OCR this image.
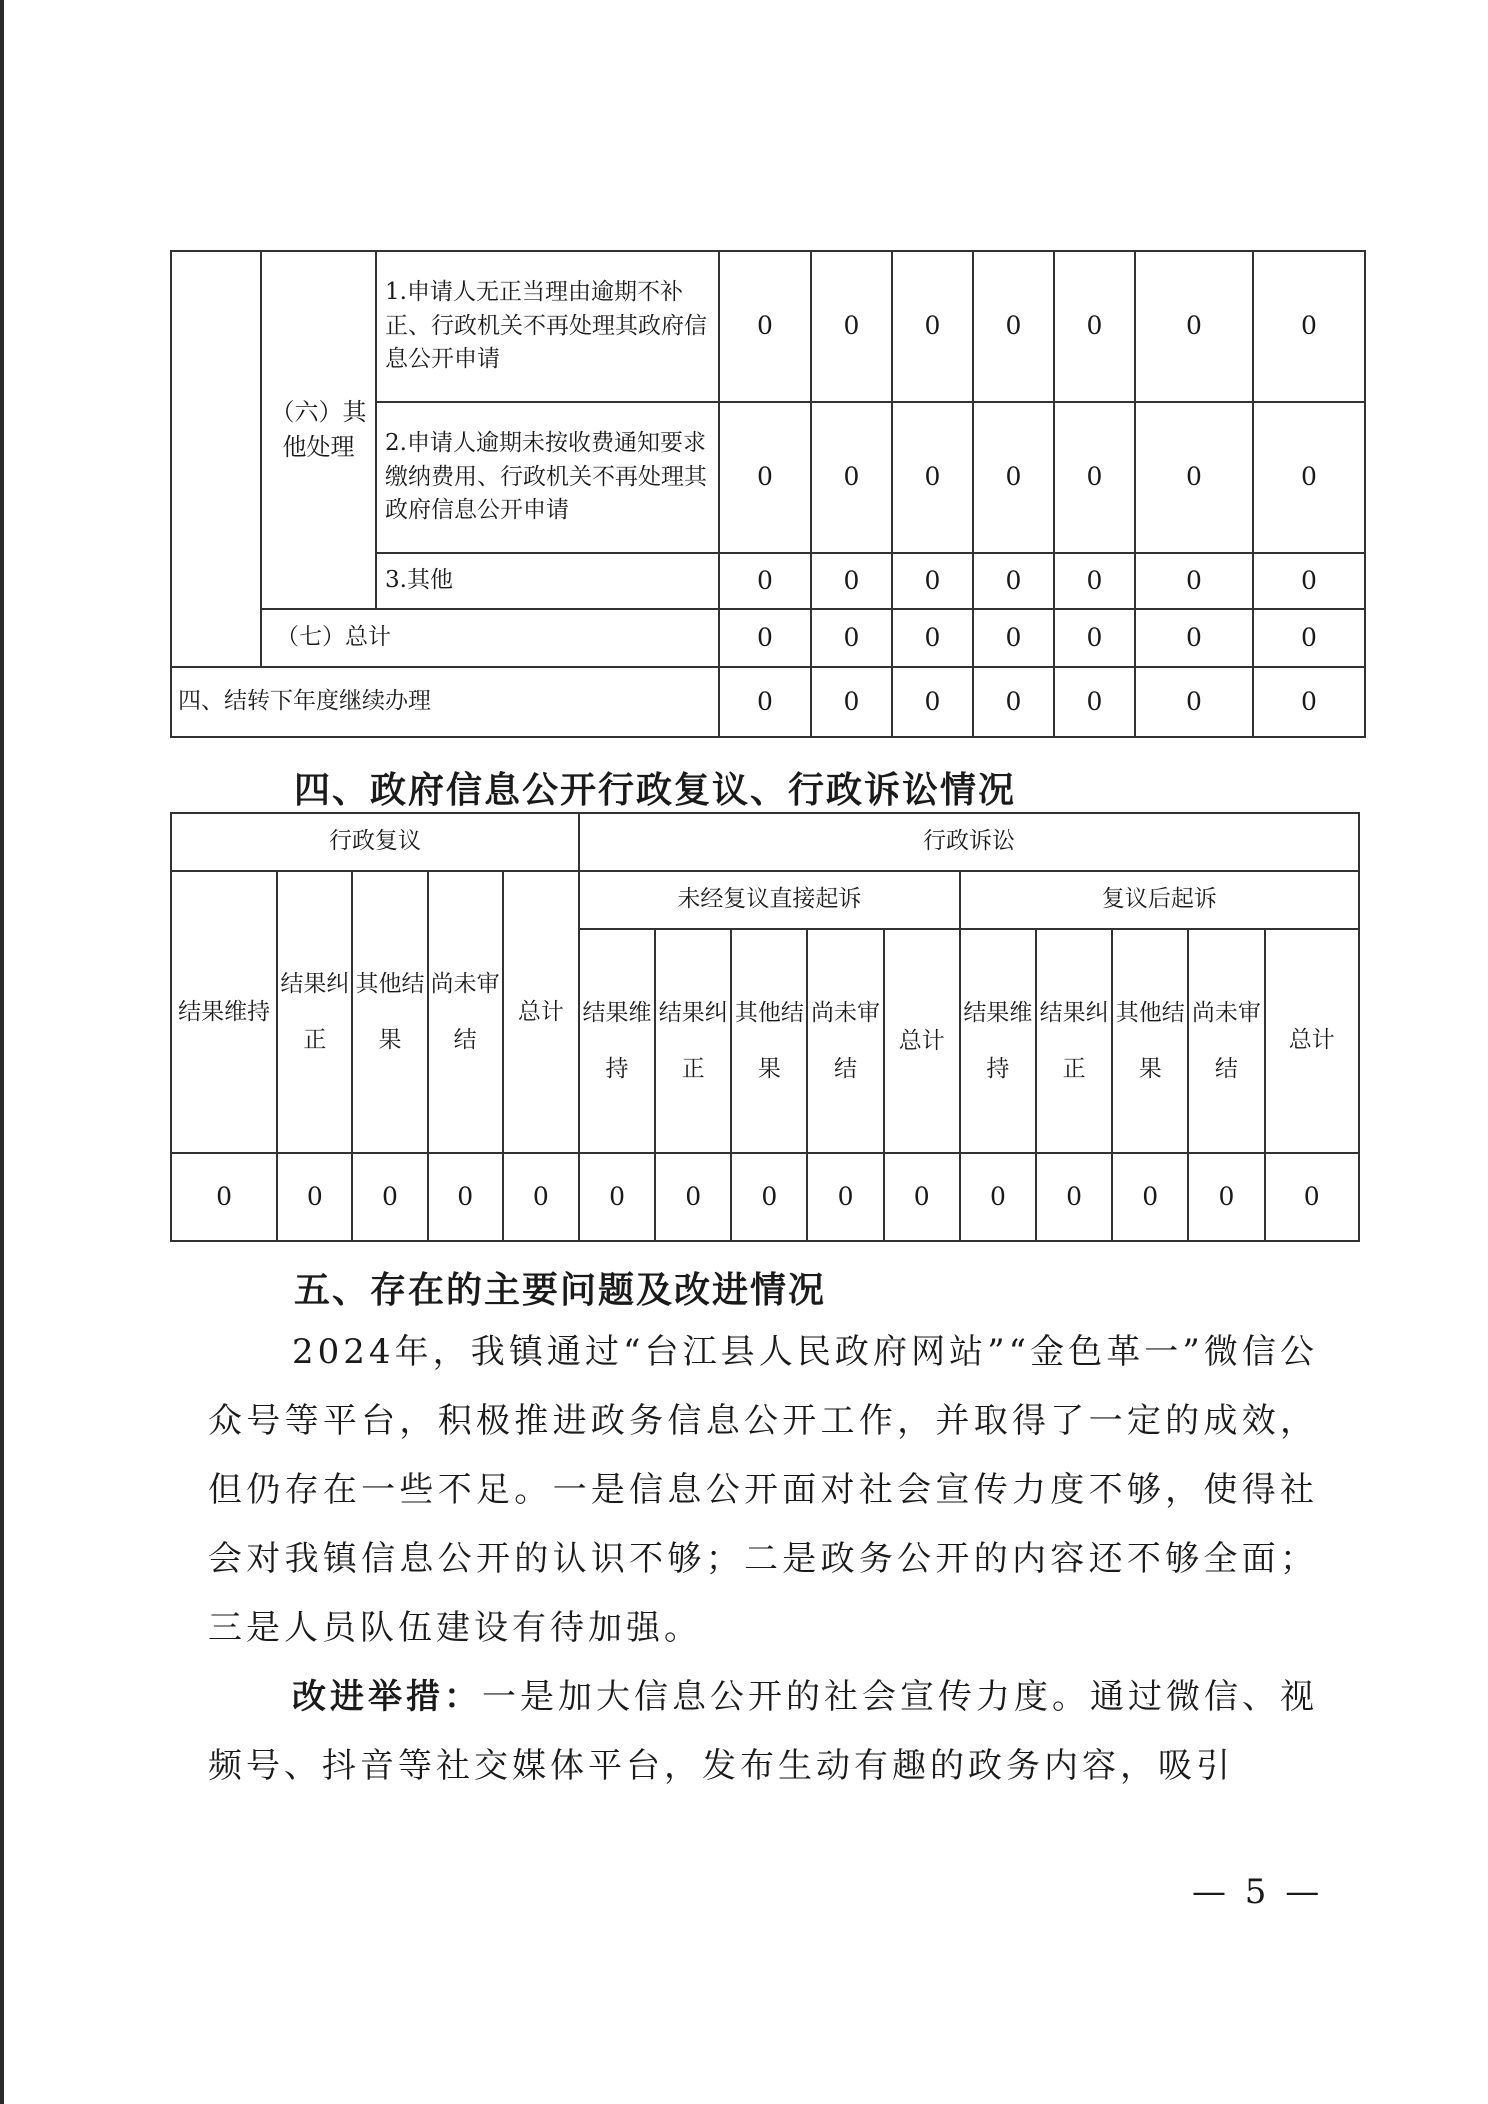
	（六）其他处理	1.申请人无正当理由逾期不补正、行政机关不再处理其政府信息公开申请	0	0	0	0	0	0	0
		2.申请人逾期未按收费通知要求缴纳费用、行政机关不再处理其政府信息公开申请	0	0	0	0	0	0	0
		3.其他	0	0	0	0	0	0	0
	（七）总计		0	0	0	0	0	0	0
四、结转下年度继续办理			0	0	0	0	0	0	0
四、政府信息公开行政复议、行政诉讼情况
行政复议					行政诉讼									
结果维持	结果纠正	其他结果	尚未审结	总计	未经复议直接起诉					复议后起诉				
					结果维持	结果纠正	其他结果	尚未审结	总计	结果维持	结果纠正	其他结果	尚未审结	总计
0	0	0	0	0	0	0	0	0	0	0	0	0	0	0
五、存在的主要问题及改进情况

2024年，我镇通过“台江县人民政府网站”“金色革一”微信公众号等平台，积极推进政务信息公开工作，并取得了一定的成效，但仍存在一些不足。一是信息公开面对社会宣传力度不够，使得社会对我镇信息公开的认识不够；二是政务公开的内容还不够全面；三是人员队伍建设有待加强。

改进举措：一是加大信息公开的社会宣传力度。通过微信、视频号、抖音等社交媒体平台，发布生动有趣的政务内容，吸引

— 5 —
